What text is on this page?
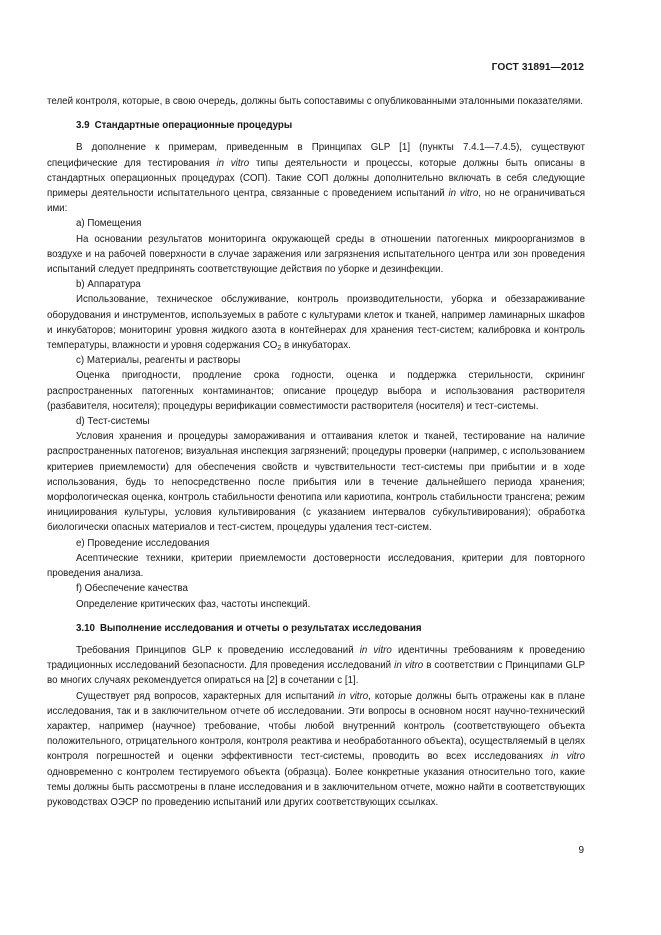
ГОСТ 31891—2012

телей контроля, которые, в свою очередь, должны быть сопоставимы с опубликованными эталонными показателями.

3.9 Стандартные операционные процедуры

В дополнение к примерам, приведенным в Принципах GLP [1] (пункты 7.4.1—7.4.5), существуют специфические для тестирования in vitro типы деятельности и процессы, которые должны быть описаны в стандартных операционных процедурах (СОП). Такие СОП должны дополнительно включать в себя следующие примеры деятельности испытательного центра, связанные с проведением испытаний in vitro, но не ограничиваться ими:

a) Помещения

На основании результатов мониторинга окружающей среды в отношении патогенных микроорганизмов в воздухе и на рабочей поверхности в случае заражения или загрязнения испытательного центра или зон проведения испытаний следует предпринять соответствующие действия по уборке и дезинфекции.

b) Аппаратура

Использование, техническое обслуживание, контроль производительности, уборка и обеззараживание оборудования и инструментов, используемых в работе с культурами клеток и тканей, например ламинарных шкафов и инкубаторов; мониторинг уровня жидкого азота в контейнерах для хранения тест-систем; калибровка и контроль температуры, влажности и уровня содержания $CO_2$ в инкубаторах.

c) Материалы, реагенты и растворы

Оценка пригодности, продление срока годности, оценка и поддержка стерильности, скрининг распространенных патогенных контаминантов; описание процедур выбора и использования растворителя (разбавителя, носителя); процедуры верификации совместимости растворителя (носителя) и тест-системы.

d) Тест-системы

Условия хранения и процедуры замораживания и оттаивания клеток и тканей, тестирование на наличие распространенных патогенов; визуальная инспекция загрязнений; процедуры проверки (например, с использованием критериев приемлемости) для обеспечения свойств и чувствительности тест-системы при прибытии и в ходе использования, будь то непосредственно после прибытия или в течение дальнейшего периода хранения; морфологическая оценка, контроль стабильности фенотипа или кариотипа, контроль стабильности трансгена; режим инициирования культуры, условия культивирования (с указанием интервалов субкультивирования); обработка биологически опасных материалов и тест-систем, процедуры удаления тест-систем.

e) Проведение исследования

Асептические техники, критерии приемлемости достоверности исследования, критерии для повторного проведения анализа.

f) Обеспечение качества

Определение критических фаз, частоты инспекций.

3.10 Выполнение исследования и отчеты о результатах исследования

Требования Принципов GLP к проведению исследований in vitro идентичны требованиям к проведению традиционных исследований безопасности. Для проведения исследований in vitro в соответствии с Принципами GLP во многих случаях рекомендуется опираться на [2] в сочетании с [1].

Существует ряд вопросов, характерных для испытаний in vitro, которые должны быть отражены как в плане исследования, так и в заключительном отчете об исследовании. Эти вопросы в основном носят научно-технический характер, например (научное) требование, чтобы любой внутренний контроль (соответствующего объекта положительного, отрицательного контроля, контроля реактива и необработанного объекта), осуществляемый в целях контроля погрешностей и оценки эффективности тест-системы, проводить во всех исследованиях in vitro одновременно с контролем тестируемого объекта (образца). Более конкретные указания относительно того, какие темы должны быть рассмотрены в плане исследования и в заключительном отчете, можно найти в соответствующих руководствах ОЭСР по проведению испытаний или других соответствующих ссылках.

9
